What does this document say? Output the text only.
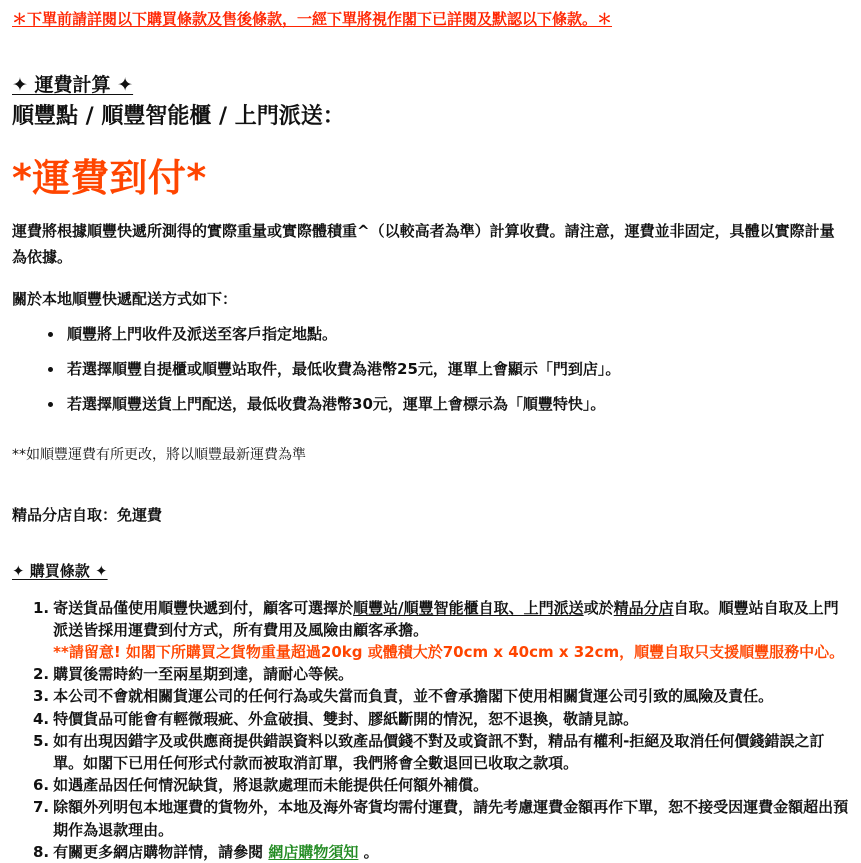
＊下單前請詳閱以下購買條款及售後條款，一經下單將視作閣下已詳閱及默認以下條款。＊
✦ 運費計算 ✦
順豐點 / 順豐智能櫃 / 上門派送：
*運費到付*

運費將根據順豐快遞所測得的實際重量或實際體積重^（以較高者為準）計算收費。請注意，運費並非固定，具體以實際計量為依據。

關於本地順豐快遞配送方式如下：

• 順豐將上門收件及派送至客戶指定地點。
• 若選擇順豐自提櫃或順豐站取件，最低收費為港幣25元，運單上會顯示「門到店」。
• 若選擇順豐送貨上門配送，最低收費為港幣30元，運單上會標示為「順豐特快」。
**如順豐運費有所更改，將以順豐最新運費為準
精品分店自取：免運費
✦ 購買條款 ✦
1. 寄送貨品僅使用順豐快遞到付，顧客可選擇於順豐站/順豐智能櫃自取、上門派送或於精品分店自取。順豐站自取及上門派送皆採用運費到付方式，所有費用及風險由顧客承擔。
**請留意! 如閣下所購買之貨物重量超過20kg 或體積大於70cm x 40cm x 32cm，順豐自取只支援順豐服務中心。
2. 購買後需時約一至兩星期到達，請耐心等候。
3. 本公司不會就相關貨運公司的任何行為或失當而負責，並不會承擔閣下使用相關貨運公司引致的風險及責任。
4. 特價貨品可能會有輕微瑕疵、外盒破損、雙封、膠紙斷開的情況，恕不退換，敬請見諒。
5. 如有出現因錯字及或供應商提供錯誤資料以致產品價錢不對及或資訊不對，精品有權利-拒絕及取消任何價錢錯誤之訂單。如閣下已用任何形式付款而被取消訂單，我們將會全數退回已收取之款項。
6. 如遇產品因任何情況缺貨，將退款處理而未能提供任何額外補償。
7. 除額外列明包本地運費的貨物外，本地及海外寄貨均需付運費，請先考慮運費金額再作下單，恕不接受因運費金額超出預期作為退款理由。
8. 有關更多網店購物詳情，請參閱 網店購物須知 。
